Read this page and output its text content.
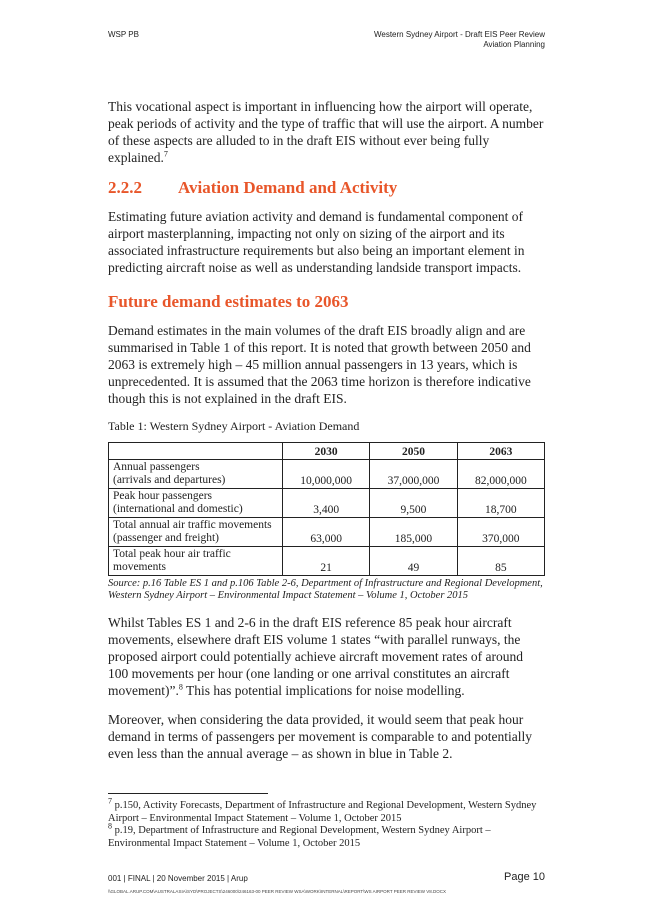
WSP PB	Western Sydney Airport - Draft EIS Peer Review
Aviation Planning

This vocational aspect is important in influencing how the airport will operate, peak periods of activity and the type of traffic that will use the airport. A number of these aspects are alluded to in the draft EIS without ever being fully explained.$^7$

2.2.2 Aviation Demand and Activity

Estimating future aviation activity and demand is fundamental component of airport masterplanning, impacting not only on sizing of the airport and its associated infrastructure requirements but also being an important element in predicting aircraft noise as well as understanding landside transport impacts.

Future demand estimates to 2063

Demand estimates in the main volumes of the draft EIS broadly align and are summarised in Table 1 of this report. It is noted that growth between 2050 and 2063 is extremely high – 45 million annual passengers in 13 years, which is unprecedented. It is assumed that the 2063 time horizon is therefore indicative though this is not explained in the draft EIS.

Table 1: Western Sydney Airport - Aviation Demand
	2030	2050	2063

Annual passengers
(arrivals and departures)	10,000,000	37,000,000	82,000,000

Peak hour passengers
(international and domestic)	3,400	9,500	18,700

Total annual air traffic movements
(passenger and freight)	63,000	185,000	370,000

Total peak hour air traffic
movements	21	49	85
Source: p.16 Table ES 1 and p.106 Table 2-6, Department of Infrastructure and Regional Development,
Western Sydney Airport – Environmental Impact Statement – Volume 1, October 2015

Whilst Tables ES 1 and 2-6 in the draft EIS reference 85 peak hour aircraft movements, elsewhere draft EIS volume 1 states “with parallel runways, the proposed airport could potentially achieve aircraft movement rates of around 100 movements per hour (one landing or one arrival constitutes an aircraft movement)”.$^8$ This has potential implications for noise modelling.

Moreover, when considering the data provided, it would seem that peak hour demand in terms of passengers per movement is comparable to and potentially even less than the annual average – as shown in blue in Table 2.

$^7$ p.150, Activity Forecasts, Department of Infrastructure and Regional Development, Western Sydney Airport – Environmental Impact Statement – Volume 1, October 2015

$^8$ p.19, Department of Infrastructure and Regional Development, Western Sydney Airport – Environmental Impact Statement – Volume 1, October 2015

001 | FINAL | 20 November 2015 | Arup	Page 10
\\GLOBAL.ARUP.COM\AUSTRALASIA\SYD\PROJECTS\246000\246163-00 PEER REVIEW WSA\WORK\INTERNAL\REPORT\WS AIRPORT PEER REVIEW V8.DOCX
